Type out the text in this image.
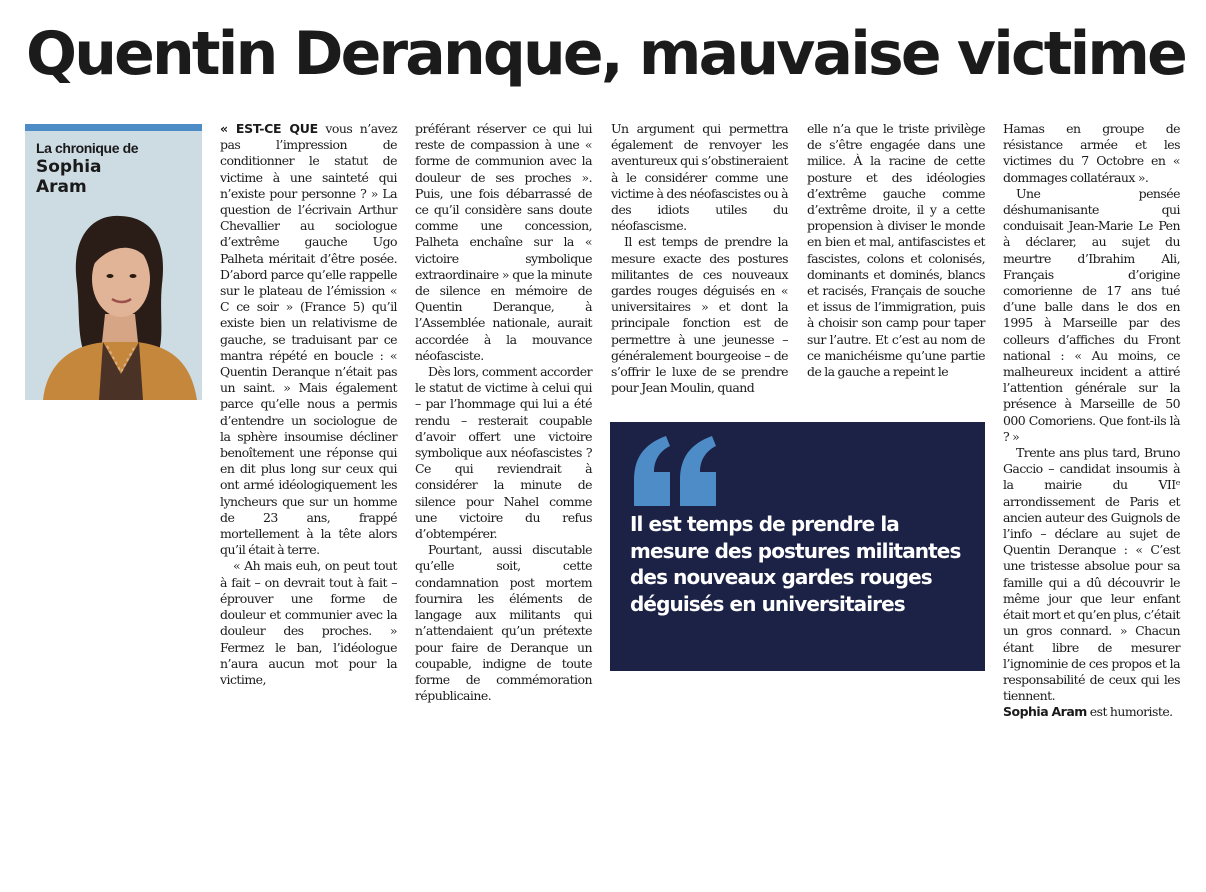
Quentin Deranque, mauvaise victime
La chronique de
Sophia Aram

« EST-CE QUE vous n’avez pas l’impression de conditionner le statut de victime à une sainteté qui n’existe pour personne ? » La question de l’écrivain Arthur Chevallier au sociologue d’extrême gauche Ugo Palheta méritait d’être posée. D’abord parce qu’elle rappelle sur le plateau de l’émission « C ce soir » (France 5) qu’il existe bien un relativisme de gauche, se traduisant par ce mantra répété en boucle : « Quentin Deranque n’était pas un saint. » Mais également parce qu’elle nous a permis d’entendre un sociologue de la sphère insoumise décliner benoîtement une réponse qui en dit plus long sur ceux qui ont armé idéologiquement les lyncheurs que sur un homme de 23 ans, frappé mortellement à la tête alors qu’il était à terre.

« Ah mais euh, on peut tout à fait – on devrait tout à fait – éprouver une forme de douleur et communier avec la douleur des proches. » Fermez le ban, l’idéologue n’aura aucun mot pour la victime,

préférant réserver ce qui lui reste de compassion à une « forme de communion avec la douleur de ses proches ». Puis, une fois débarrassé de ce qu’il considère sans doute comme une concession, Palheta enchaîne sur la « victoire symbolique extraordinaire » que la minute de silence en mémoire de Quentin Deranque, à l’Assemblée nationale, aurait accordée à la mouvance néofasciste.

Dès lors, comment accorder le statut de victime à celui qui – par l’hommage qui lui a été rendu – resterait coupable d’avoir offert une victoire symbolique aux néofascistes ? Ce qui reviendrait à considérer la minute de silence pour Nahel comme une victoire du refus d’obtempérer.

Pourtant, aussi discutable qu’elle soit, cette condamnation post mortem fournira les éléments de langage aux militants qui n’attendaient qu’un prétexte pour faire de Deranque un coupable, indigne de toute forme de commémoration républicaine.

Un argument qui permettra également de renvoyer les aventureux qui s’obstineraient à le considérer comme une victime à des néofascistes ou à des idiots utiles du néofascisme.

Il est temps de prendre la mesure exacte des postures militantes de ces nouveaux gardes rouges déguisés en « universitaires » et dont la principale fonction est de permettre à une jeunesse – généralement bourgeoise – de s’offrir le luxe de se prendre pour Jean Moulin, quand

elle n’a que le triste privilège de s’être engagée dans une milice. À la racine de cette posture et des idéologies d’extrême gauche comme d’extrême droite, il y a cette propension à diviser le monde en bien et mal, antifascistes et fascistes, colons et colonisés, dominants et dominés, blancs et racisés, Français de souche et issus de l’immigration, puis à choisir son camp pour taper sur l’autre. Et c’est au nom de ce manichéisme qu’une partie de la gauche a repeint le

Hamas en groupe de résistance armée et les victimes du 7 Octobre en « dommages collatéraux ».

Une pensée déshumanisante qui conduisait Jean-Marie Le Pen à déclarer, au sujet du meurtre d’Ibrahim Ali, Français d’origine comorienne de 17 ans tué d’une balle dans le dos en 1995 à Marseille par des colleurs d’affiches du Front national : « Au moins, ce malheureux incident a attiré l’attention générale sur la présence à Marseille de 50 000 Comoriens. Que font-ils là ? »

Trente ans plus tard, Bruno Gaccio – candidat insoumis à la mairie du VIIᵉ arrondissement de Paris et ancien auteur des Guignols de l’info – déclare au sujet de Quentin Deranque : « C’est une tristesse absolue pour sa famille qui a dû découvrir le même jour que leur enfant était mort et qu’en plus, c’était un gros connard. » Chacun étant libre de mesurer l’ignominie de ces propos et la responsabilité de ceux qui les tiennent.

Sophia Aram est humoriste.

Il est temps de prendre la mesure des postures militantes des nouveaux gardes rouges déguisés en universitaires
